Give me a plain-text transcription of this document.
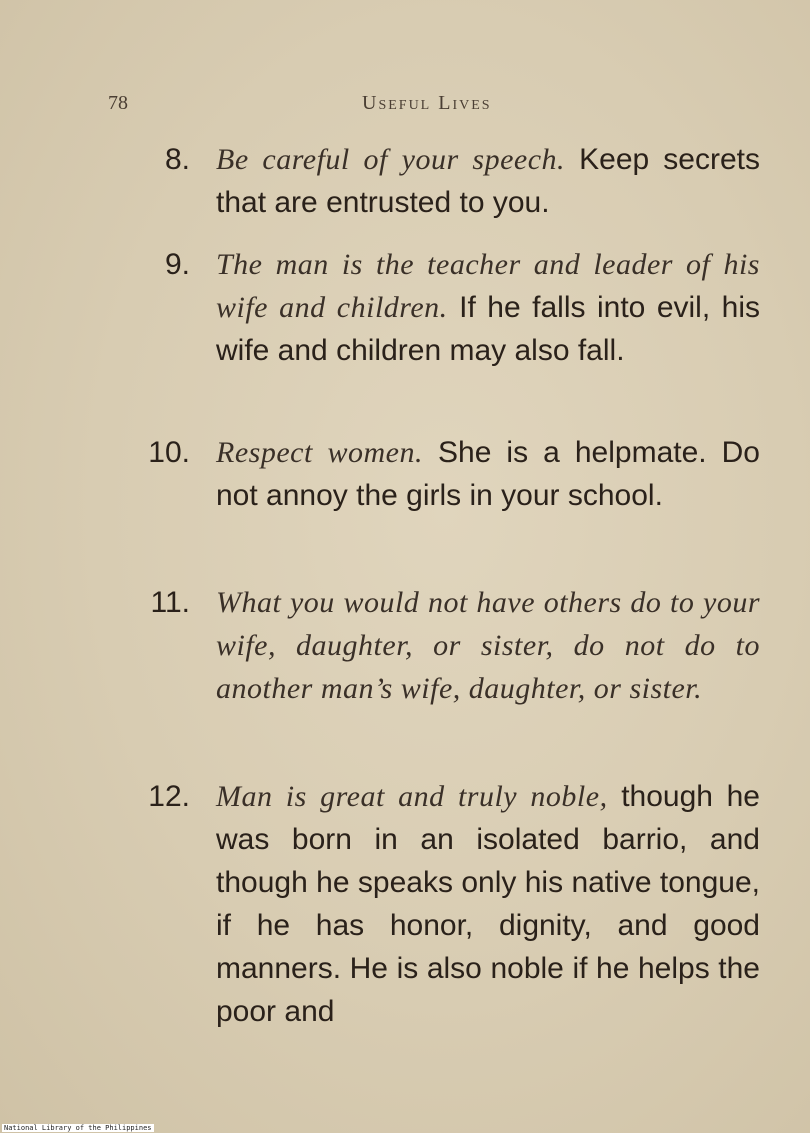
78	Useful Lives
8. Be careful of your speech. Keep secrets that are entrusted to you.
9. The man is the teacher and leader of his wife and children. If he falls into evil, his wife and children may also fall.
10. Respect women. She is a helpmate. Do not annoy the girls in your school.
11. What you would not have others do to your wife, daughter, or sister, do not do to another man’s wife, daughter, or sister.
12. Man is great and truly noble, though he was born in an isolated barrio, and though he speaks only his native tongue, if he has honor, dignity, and good manners. He is also noble if he helps the poor and
National Library of the Philippines
